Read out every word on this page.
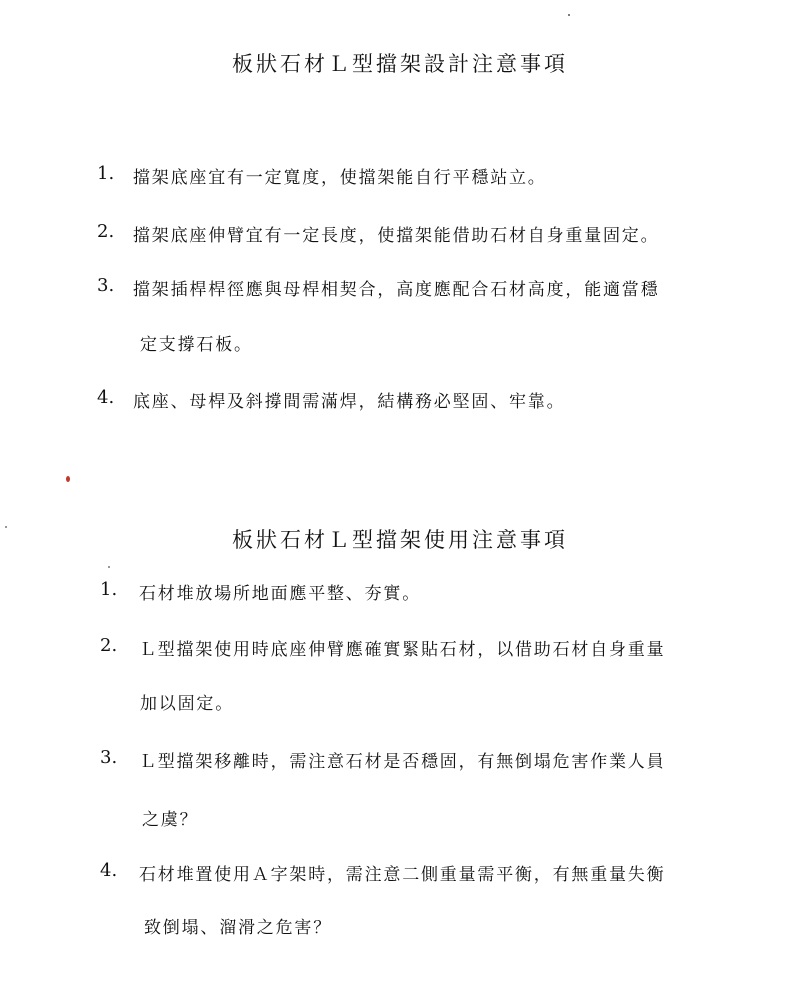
板狀石材Ｌ型擋架設計注意事項
1. 擋架底座宜有一定寬度，使擋架能自行平穩站立。
2. 擋架底座伸臂宜有一定長度，使擋架能借助石材自身重量固定。
3. 擋架插桿桿徑應與母桿相契合，高度應配合石材高度，能適當穩
定支撐石板。
4. 底座、母桿及斜撐間需滿焊，結構務必堅固、牢靠。
板狀石材Ｌ型擋架使用注意事項
1. 石材堆放場所地面應平整、夯實。
2. Ｌ型擋架使用時底座伸臂應確實緊貼石材，以借助石材自身重量
加以固定。
3. Ｌ型擋架移離時，需注意石材是否穩固，有無倒塌危害作業人員
之虞？
4. 石材堆置使用Ａ字架時，需注意二側重量需平衡，有無重量失衡
致倒塌、溜滑之危害？
